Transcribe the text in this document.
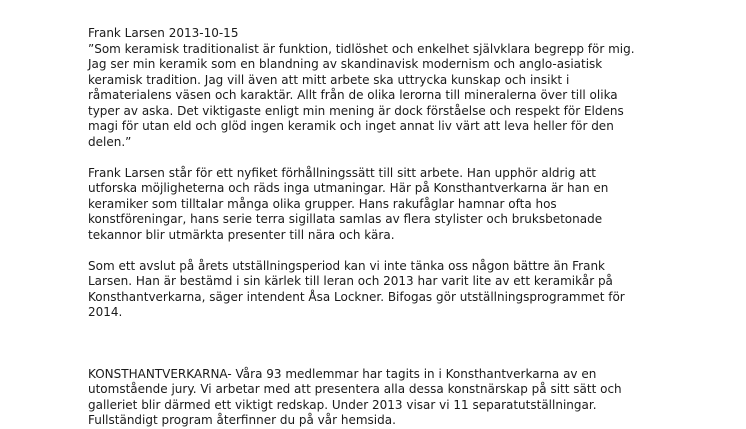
Frank Larsen 2013-10-15

”Som keramisk traditionalist är funktion, tidlöshet och enkelhet självklara begrepp för mig. Jag ser min keramik som en blandning av skandinavisk modernism och anglo-asiatisk keramisk tradition. Jag vill även att mitt arbete ska uttrycka kunskap och insikt i råmaterialens väsen och karaktär. Allt från de olika lerorna till mineralerna över till olika typer av aska. Det viktigaste enligt min mening är dock förståelse och respekt för Eldens magi för utan eld och glöd ingen keramik och inget annat liv värt att leva heller för den delen.”

Frank Larsen står för ett nyfiket förhållningssätt till sitt arbete. Han upphör aldrig att utforska möjligheterna och räds inga utmaningar. Här på Konsthantverkarna är han en keramiker som tilltalar många olika grupper. Hans rakufåglar hamnar ofta hos konstföreningar, hans serie terra sigillata samlas av flera stylister och bruksbetonade tekannor blir utmärkta presenter till nära och kära.

Som ett avslut på årets utställningsperiod kan vi inte tänka oss någon bättre än Frank Larsen. Han är bestämd i sin kärlek till leran och 2013 har varit lite av ett keramikår på Konsthantverkarna, säger intendent Åsa Lockner. Bifogas gör utställningsprogrammet för 2014.

KONSTHANTVERKARNA- Våra 93 medlemmar har tagits in i Konsthantverkarna av en utomstående jury. Vi arbetar med att presentera alla dessa konstnärskap på sitt sätt och galleriet blir därmed ett viktigt redskap. Under 2013 visar vi 11 separatutställningar. Fullständigt program återfinner du på vår hemsida.
